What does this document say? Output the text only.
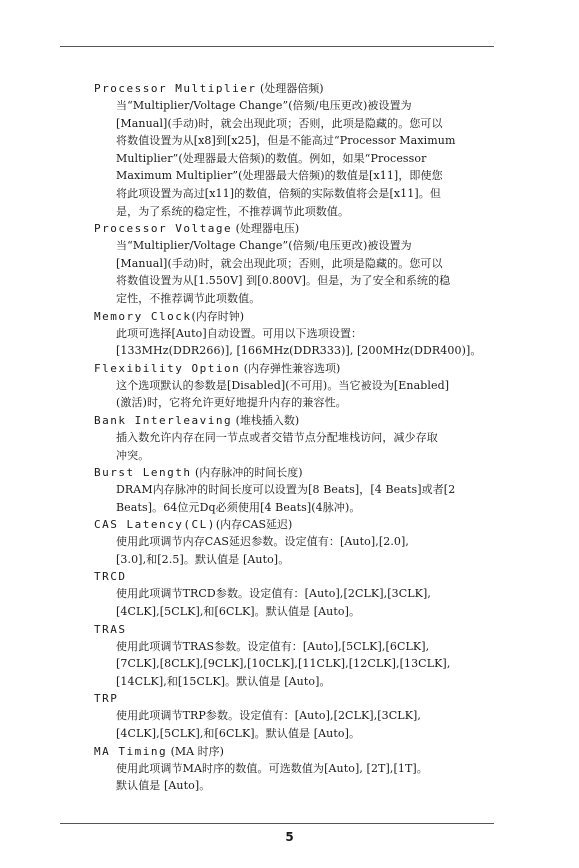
Processor Multiplier (处理器倍频)

当“Multiplier/Voltage Change”(倍频/电压更改)被设置为

[Manual](手动)时，就会出现此项；否则，此项是隐藏的。您可以

将数值设置为从[x8]到[x25]，但是不能高过“Processor Maximum

Multiplier”(处理器最大倍频)的数值。例如，如果“Processor

Maximum Multiplier”(处理器最大倍频)的数值是[x11]，即使您

将此项设置为高过[x11]的数值，倍频的实际数值将会是[x11]。但

是，为了系统的稳定性，不推荐调节此项数值。

Processor Voltage (处理器电压)

当“Multiplier/Voltage Change”(倍频/电压更改)被设置为

[Manual](手动)时，就会出现此项；否则，此项是隐藏的。您可以

将数值设置为从[1.550V] 到[0.800V]。但是，为了安全和系统的稳

定性，不推荐调节此项数值。

Memory Clock(内存时钟)

此项可选择[Auto]自动设置。可用以下选项设置：

[133MHz(DDR266)], [166MHz(DDR333)], [200MHz(DDR400)]。

Flexibility Option (内存弹性兼容选项)

这个选项默认的参数是[Disabled](不可用)。当它被设为[Enabled]

(激活)时，它将允许更好地提升内存的兼容性。

Bank Interleaving (堆栈插入数)

插入数允许内存在同一节点或者交错节点分配堆栈访问，减少存取

冲突。

Burst Length (内存脉冲的时间长度)

DRAM内存脉冲的时间长度可以设置为[8 Beats]，[4 Beats]或者[2

Beats]。64位元Dq必须使用[4 Beats](4脉冲)。

CAS Latency(CL)(内存CAS延迟)

使用此项调节内存CAS延迟参数。设定值有：[Auto],[2.0],

[3.0],和[2.5]。默认值是 [Auto]。

TRCD

使用此项调节TRCD参数。设定值有：[Auto],[2CLK],[3CLK],

[4CLK],[5CLK],和[6CLK]。默认值是 [Auto]。

TRAS

使用此项调节TRAS参数。设定值有：[Auto],[5CLK],[6CLK],

[7CLK],[8CLK],[9CLK],[10CLK],[11CLK],[12CLK],[13CLK],

[14CLK],和[15CLK]。默认值是 [Auto]。

TRP

使用此项调节TRP参数。设定值有：[Auto],[2CLK],[3CLK],

[4CLK],[5CLK],和[6CLK]。默认值是 [Auto]。

MA Timing (MA 时序)

使用此项调节MA时序的数值。可选数值为[Auto], [2T],[1T]。

默认值是 [Auto]。

5
